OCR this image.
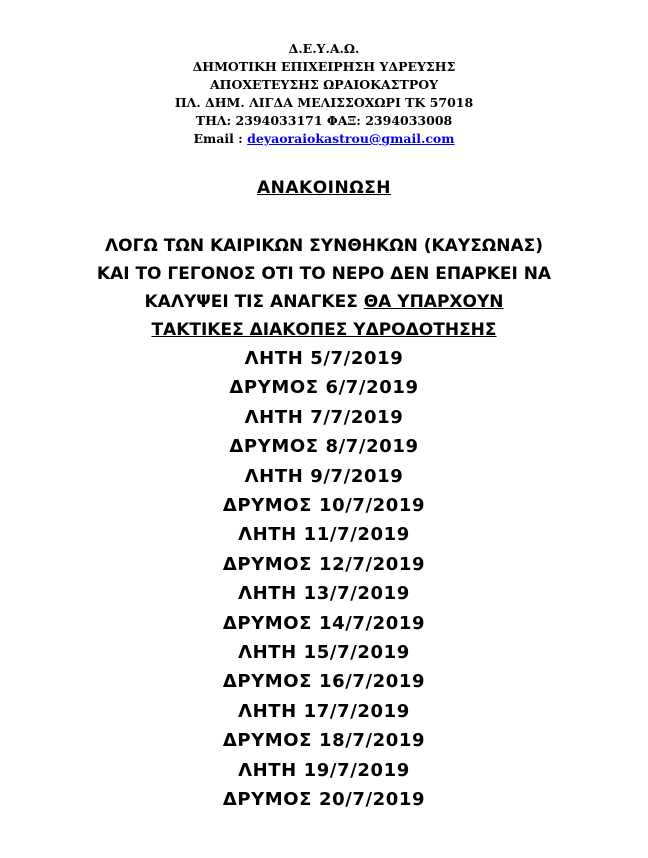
Δ.Ε.Υ.Α.Ω.
ΔΗΜΟΤΙΚΗ ΕΠΙΧΕΙΡΗΣΗ ΥΔΡΕΥΣΗΣ
ΑΠΟΧΕΤΕΥΣΗΣ ΩΡΑΙΟΚΑΣΤΡΟΥ
ΠΛ. ΔΗΜ. ΛΙΓΔΑ ΜΕΛΙΣΣΟΧΩΡΙ ΤΚ 57018
ΤΗΛ: 2394033171 ΦΑΞ: 2394033008
Email : deyaoraiokastrou@gmail.com
ΑΝΑΚΟΙΝΩΣΗ
ΛΟΓΩ ΤΩΝ ΚΑΙΡΙΚΩΝ ΣΥΝΘΗΚΩΝ (ΚΑΥΣΩΝΑΣ)
ΚΑΙ ΤΟ ΓΕΓΟΝΟΣ ΟΤΙ ΤΟ ΝΕΡΟ ΔΕΝ ΕΠΑΡΚΕΙ ΝΑ
ΚΑΛΥΨΕΙ ΤΙΣ ΑΝΑΓΚΕΣ ΘΑ ΥΠΑΡΧΟΥΝ
ΤΑΚΤΙΚΕΣ ΔΙΑΚΟΠΕΣ ΥΔΡΟΔΟΤΗΣΗΣ
ΛΗΤΗ 5/7/2019
ΔΡΥΜΟΣ 6/7/2019
ΛΗΤΗ 7/7/2019
ΔΡΥΜΟΣ 8/7/2019
ΛΗΤΗ 9/7/2019
ΔΡΥΜΟΣ 10/7/2019
ΛΗΤΗ 11/7/2019
ΔΡΥΜΟΣ 12/7/2019
ΛΗΤΗ 13/7/2019
ΔΡΥΜΟΣ 14/7/2019
ΛΗΤΗ 15/7/2019
ΔΡΥΜΟΣ 16/7/2019
ΛΗΤΗ 17/7/2019
ΔΡΥΜΟΣ 18/7/2019
ΛΗΤΗ 19/7/2019
ΔΡΥΜΟΣ 20/7/2019
